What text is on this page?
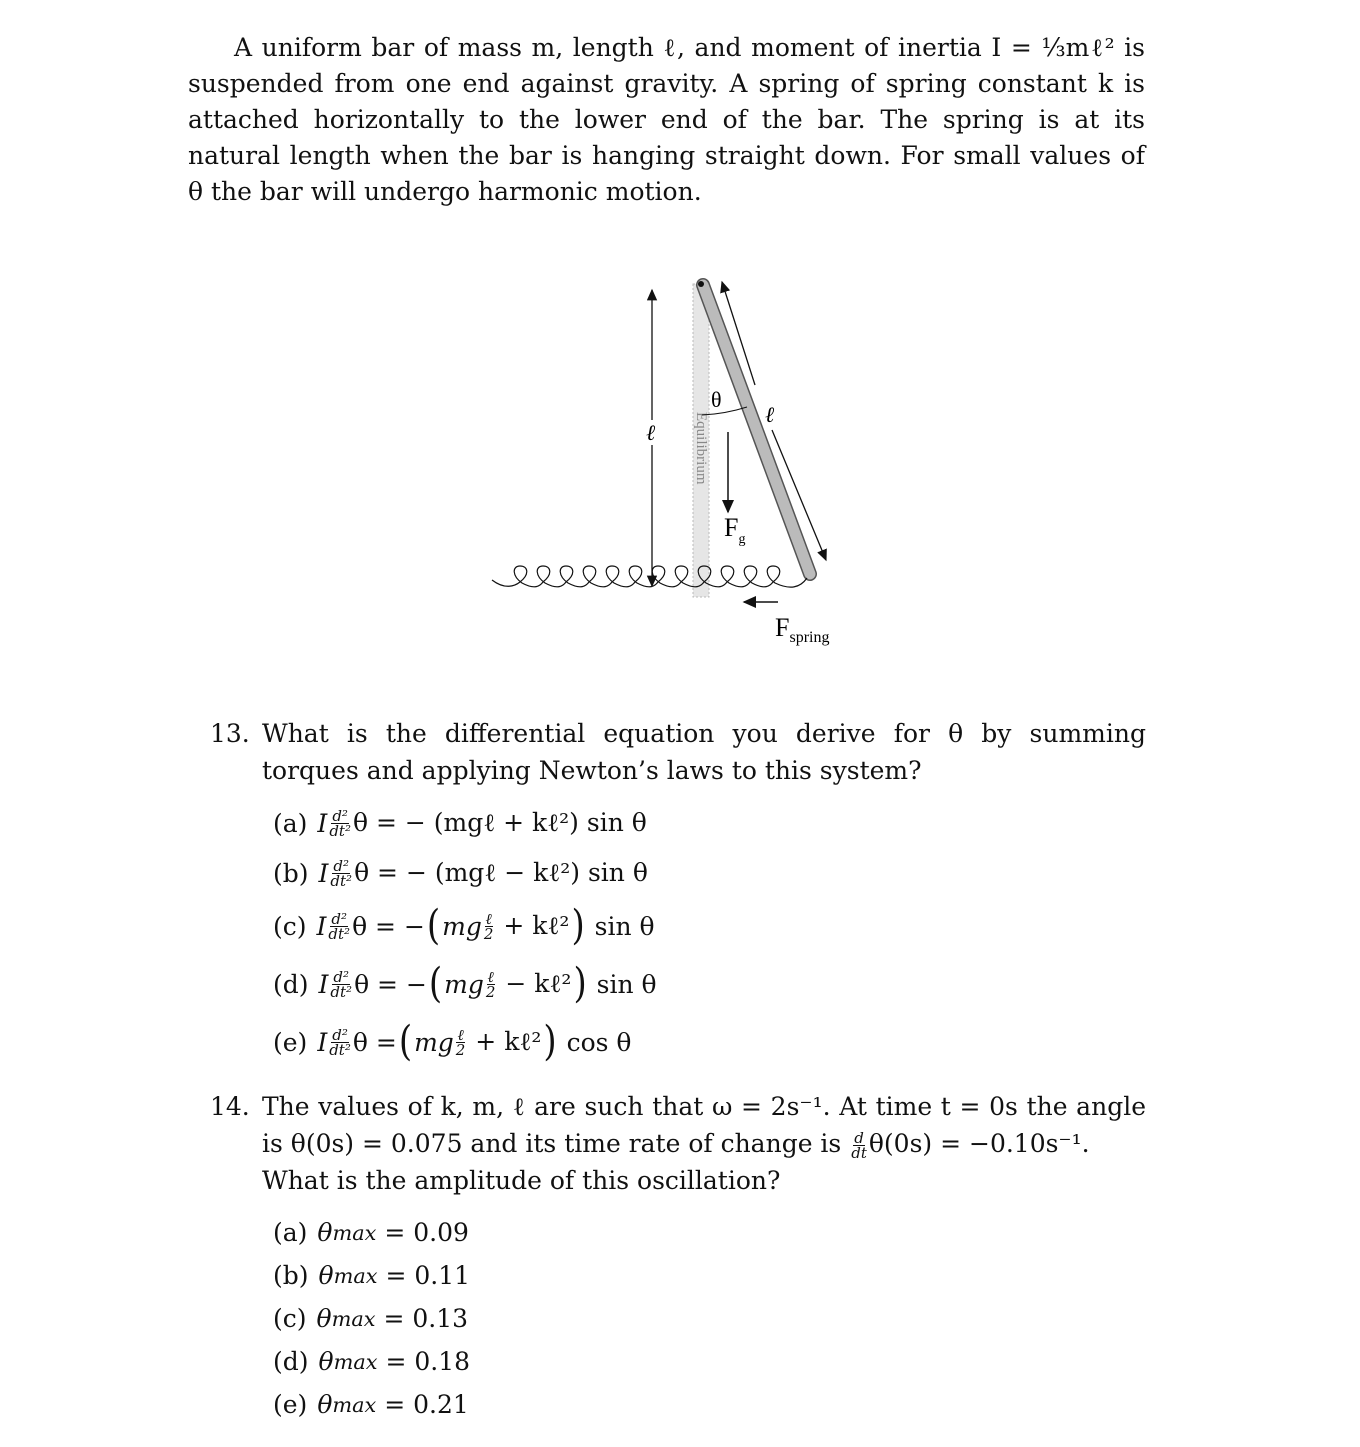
A uniform bar of mass m, length ℓ, and moment of inertia I = ⅓mℓ² is suspended from one end against gravity. A spring of spring constant k is attached horizontally to the lower end of the bar. The spring is at its natural length when the bar is hanging straight down. For small values of θ the bar will undergo harmonic motion.
Equilibrium
ℓ
ℓ
θ
$F_g$
$F_{spring}$
13. What is the differential equation you derive for θ by summing torques and applying Newton’s laws to this system?
(a) I $\frac{\text{d²}}{\text{dt²}}$ θ = − (mgℓ + kℓ²) sin θ
(b) I $\frac{\text{d²}}{\text{dt²}}$ θ = − (mgℓ − kℓ²) sin θ
(c) I $\frac{\text{d²}}{\text{dt²}}$ θ = − ( mg $\frac{\text{ℓ}}{2}$
+ kℓ² )
sin θ
(d) I $\frac{\text{d²}}{\text{dt²}}$ θ = − ( mg $\frac{\text{ℓ}}{2}$
− kℓ² )
sin θ
(e) I $\frac{\text{d²}}{\text{dt²}}$ θ = ( mg $\frac{\text{ℓ}}{2}$
+ kℓ² )
cos θ
14. The values of k, m, ℓ are such that ω = 2s⁻¹. At time t = 0s the angle is θ(0s) = 0.075 and its time rate of change is $\frac{d}{dt} \theta(0s) = -0.10s^{-1}$.
What is the amplitude of this oscillation?
(a) θ max
= 0.09
(b) θ max
= 0.11
(c) θ max
= 0.13
(d) θ max
= 0.18
(e) θ max
= 0.21
